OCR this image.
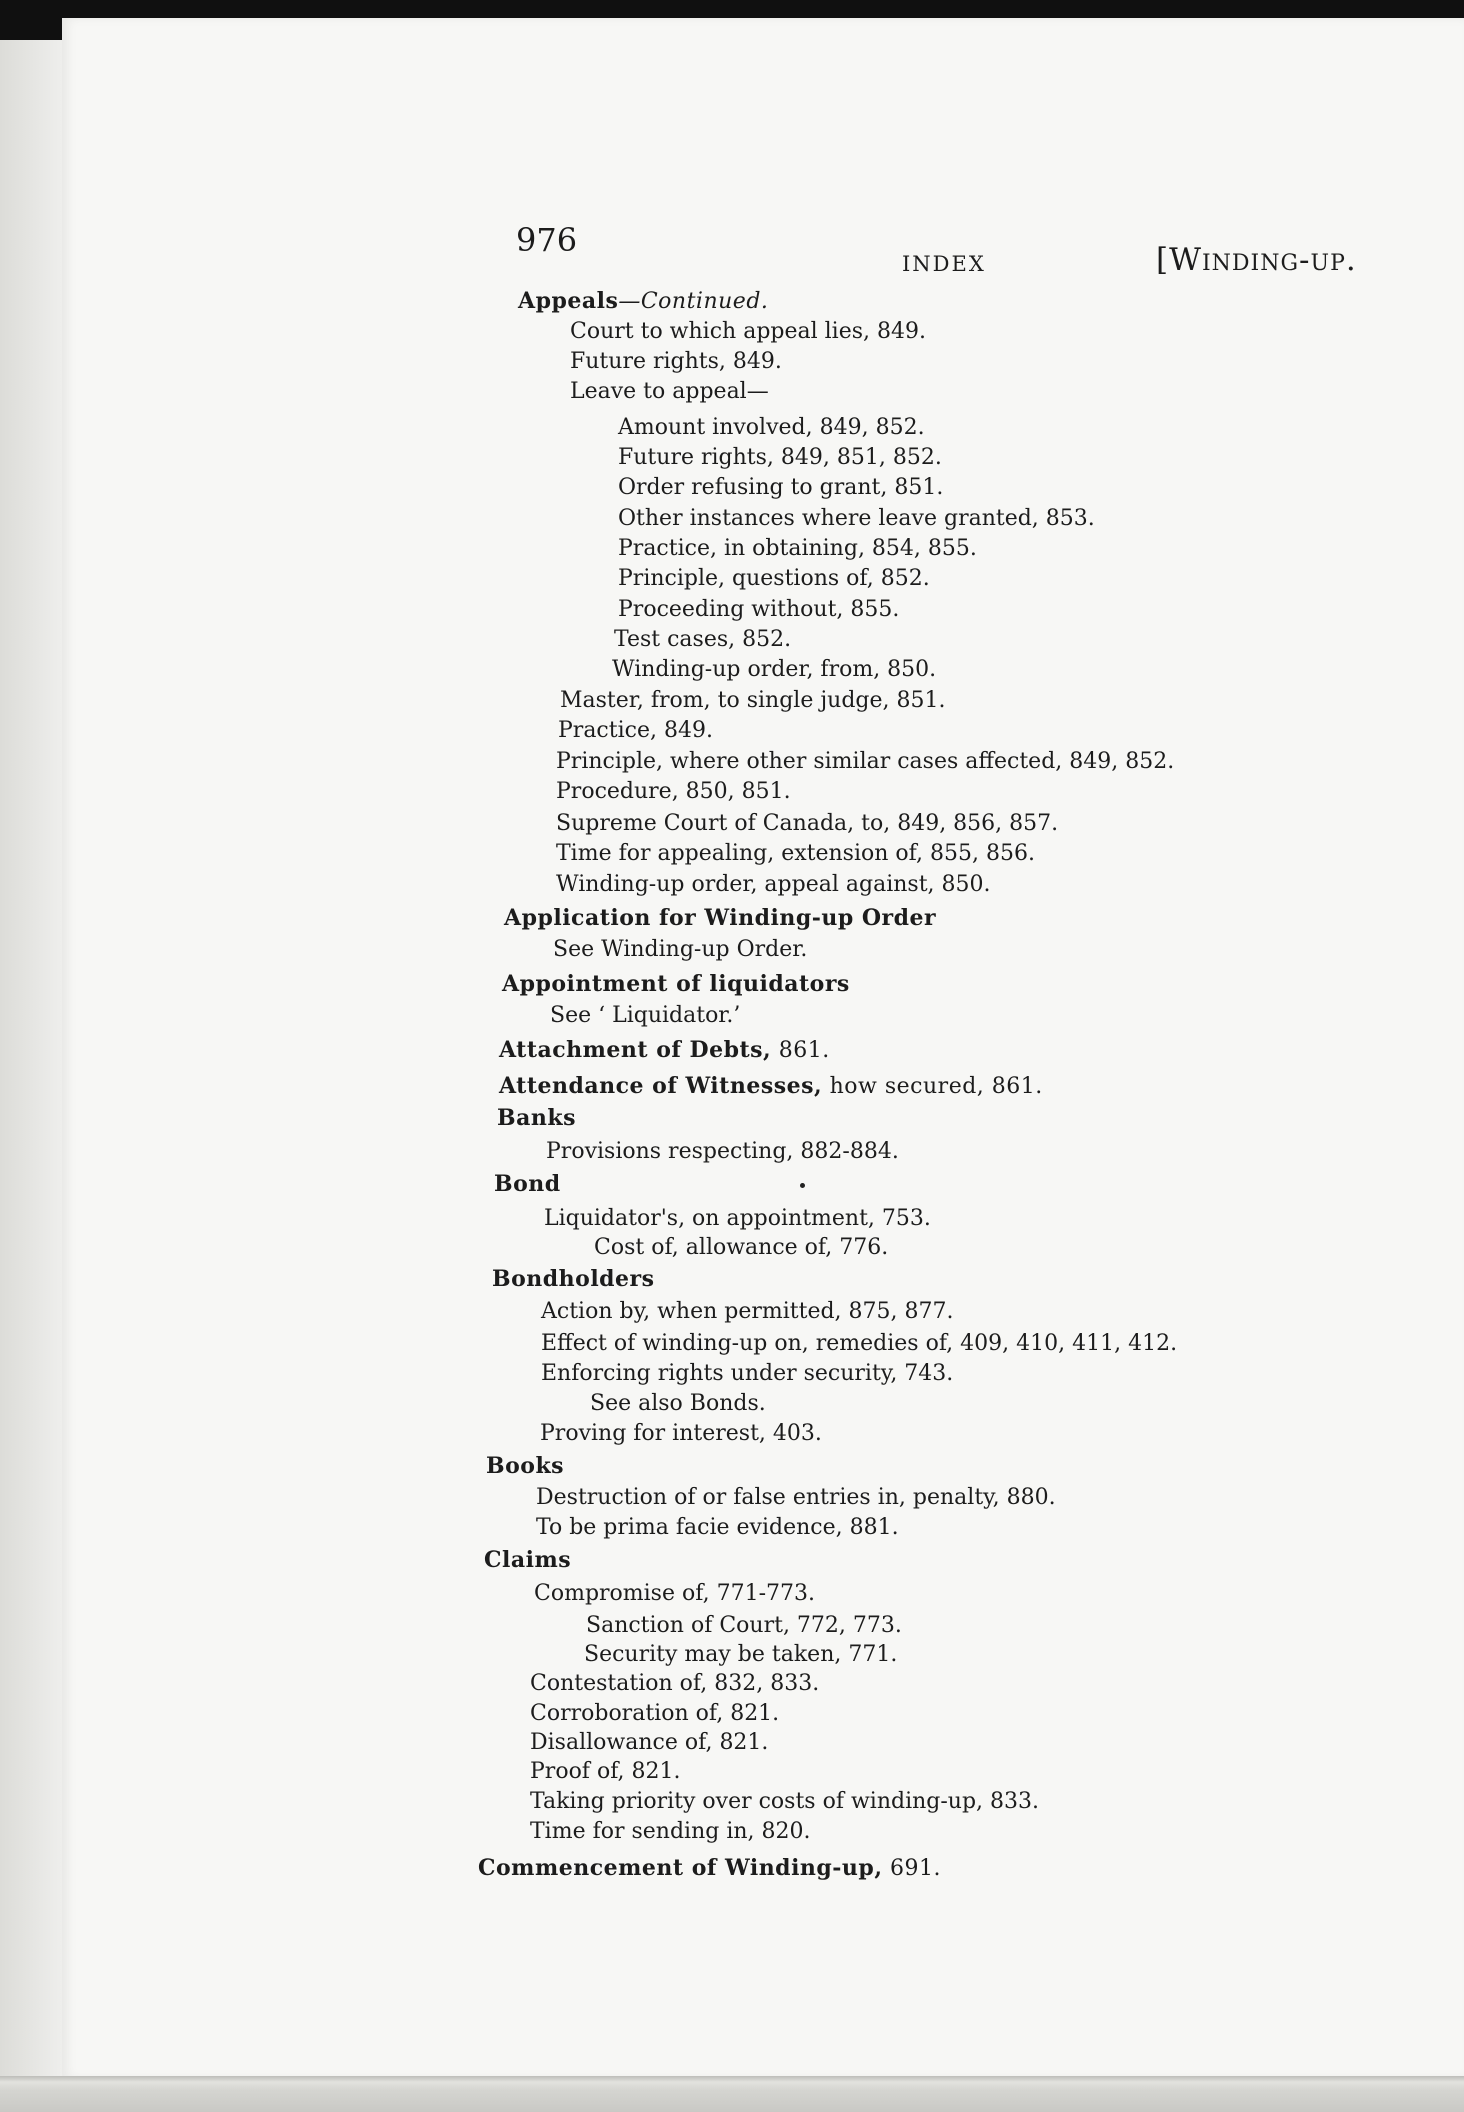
976
INDEX	[Winding-up.
Appeals—Continued.
Court to which appeal lies, 849.
Future rights, 849.
Leave to appeal—
Amount involved, 849, 852.
Future rights, 849, 851, 852.
Order refusing to grant, 851.
Other instances where leave granted, 853.
Practice, in obtaining, 854, 855.
Principle, questions of, 852.
Proceeding without, 855.
Test cases, 852.
Winding-up order, from, 850.
Master, from, to single judge, 851.
Practice, 849.
Principle, where other similar cases affected, 849, 852.
Procedure, 850, 851.
Supreme Court of Canada, to, 849, 856, 857.
Time for appealing, extension of, 855, 856.
Winding-up order, appeal against, 850.
Application for Winding-up Order
See Winding-up Order.
Appointment of liquidators
See ‘ Liquidator.’
Attachment of Debts, 861.
Attendance of Witnesses, how secured, 861.
Banks
Provisions respecting, 882-884.
Bond
Liquidator's, on appointment, 753.
Cost of, allowance of, 776.
Bondholders
Action by, when permitted, 875, 877.
Effect of winding-up on, remedies of, 409, 410, 411, 412.
Enforcing rights under security, 743.
See also Bonds.
Proving for interest, 403.
Books
Destruction of or false entries in, penalty, 880.
To be prima facie evidence, 881.
Claims
Compromise of, 771-773.
Sanction of Court, 772, 773.
Security may be taken, 771.
Contestation of, 832, 833.
Corroboration of, 821.
Disallowance of, 821.
Proof of, 821.
Taking priority over costs of winding-up, 833.
Time for sending in, 820.
Commencement of Winding-up, 691.
